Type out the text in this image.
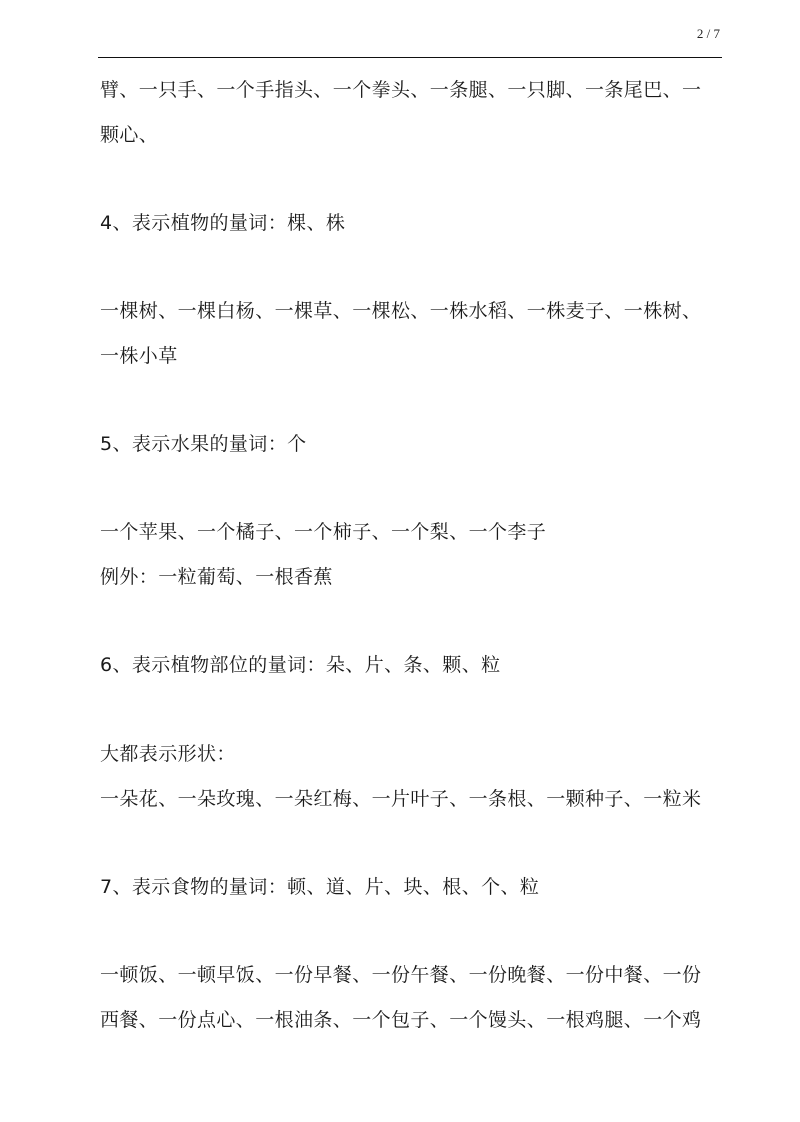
2 / 7
臂、一只手、一个手指头、一个拳头、一条腿、一只脚、一条尾巴、一
颗心、
4、表示植物的量词：棵、株
一棵树、一棵白杨、一棵草、一棵松、一株水稻、一株麦子、一株树、
一株小草
5、表示水果的量词：个
一个苹果、一个橘子、一个柿子、一个梨、一个李子
例外：一粒葡萄、一根香蕉
6、表示植物部位的量词：朵、片、条、颗、粒
大都表示形状：
一朵花、一朵玫瑰、一朵红梅、一片叶子、一条根、一颗种子、一粒米
7、表示食物的量词：顿、道、片、块、根、个、粒
一顿饭、一顿早饭、一份早餐、一份午餐、一份晚餐、一份中餐、一份
西餐、一份点心、一根油条、一个包子、一个馒头、一根鸡腿、一个鸡
